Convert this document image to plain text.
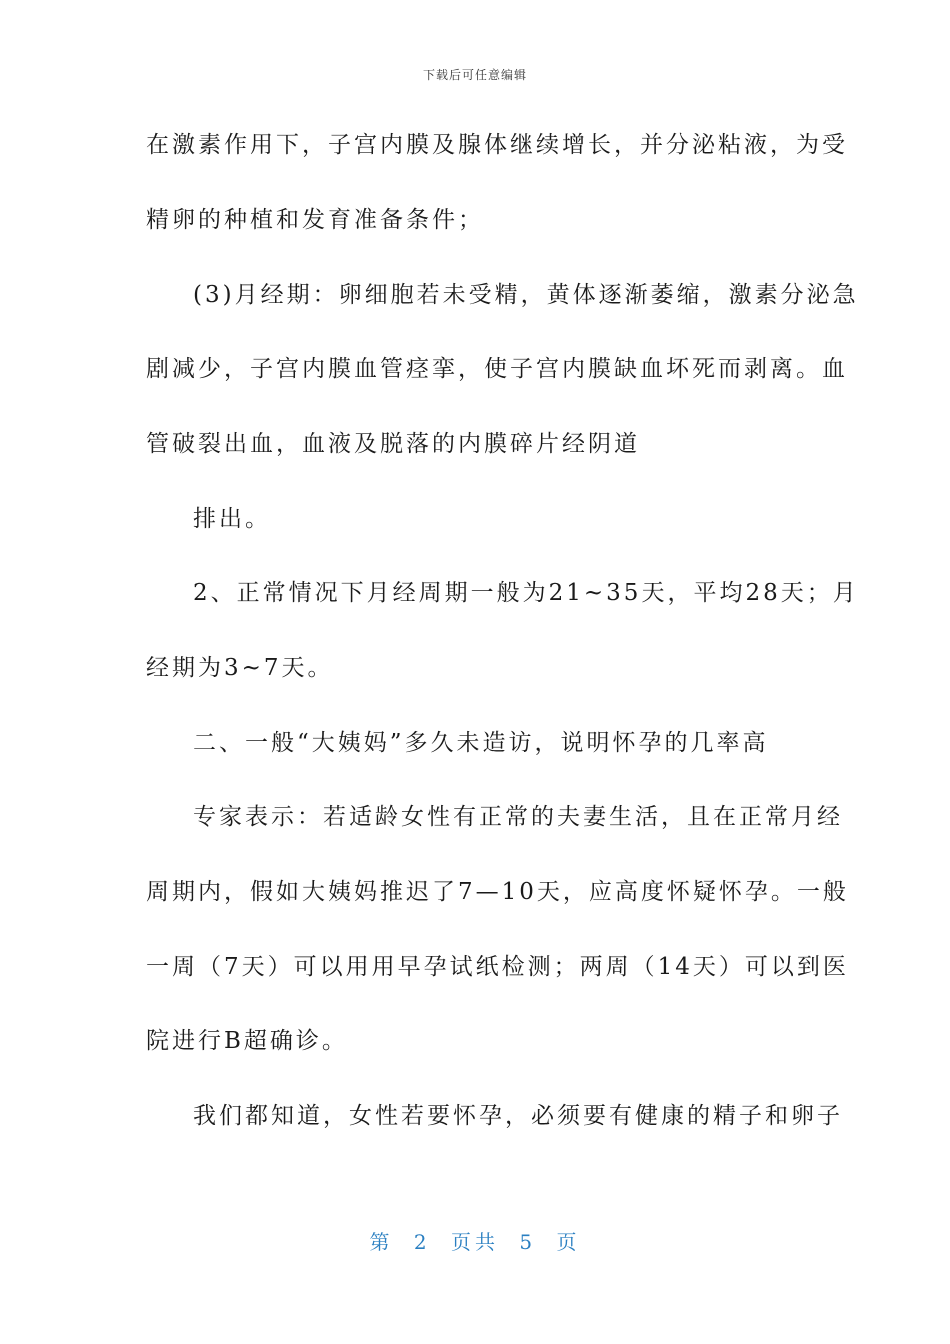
下载后可任意编辑
在激素作用下，子宫内膜及腺体继续增长，并分泌粘液，为受
精卵的种植和发育准备条件；
(3)月经期：卵细胞若未受精，黄体逐渐萎缩，激素分泌急
剧减少，子宫内膜血管痉挛，使子宫内膜缺血坏死而剥离。血
管破裂出血，血液及脱落的内膜碎片经阴道
排出。
2、正常情况下月经周期一般为21~35天，平均28天；月
经期为3~7天。
二、一般“大姨妈”多久未造访，说明怀孕的几率高
专家表示：若适龄女性有正常的夫妻生活，且在正常月经
周期内，假如大姨妈推迟了7—10天，应高度怀疑怀孕。一般
一周（7天）可以用用早孕试纸检测；两周（14天）可以到医
院进行B超确诊。
我们都知道，女性若要怀孕，必须要有健康的精子和卵子
第 2 页共 5 页
